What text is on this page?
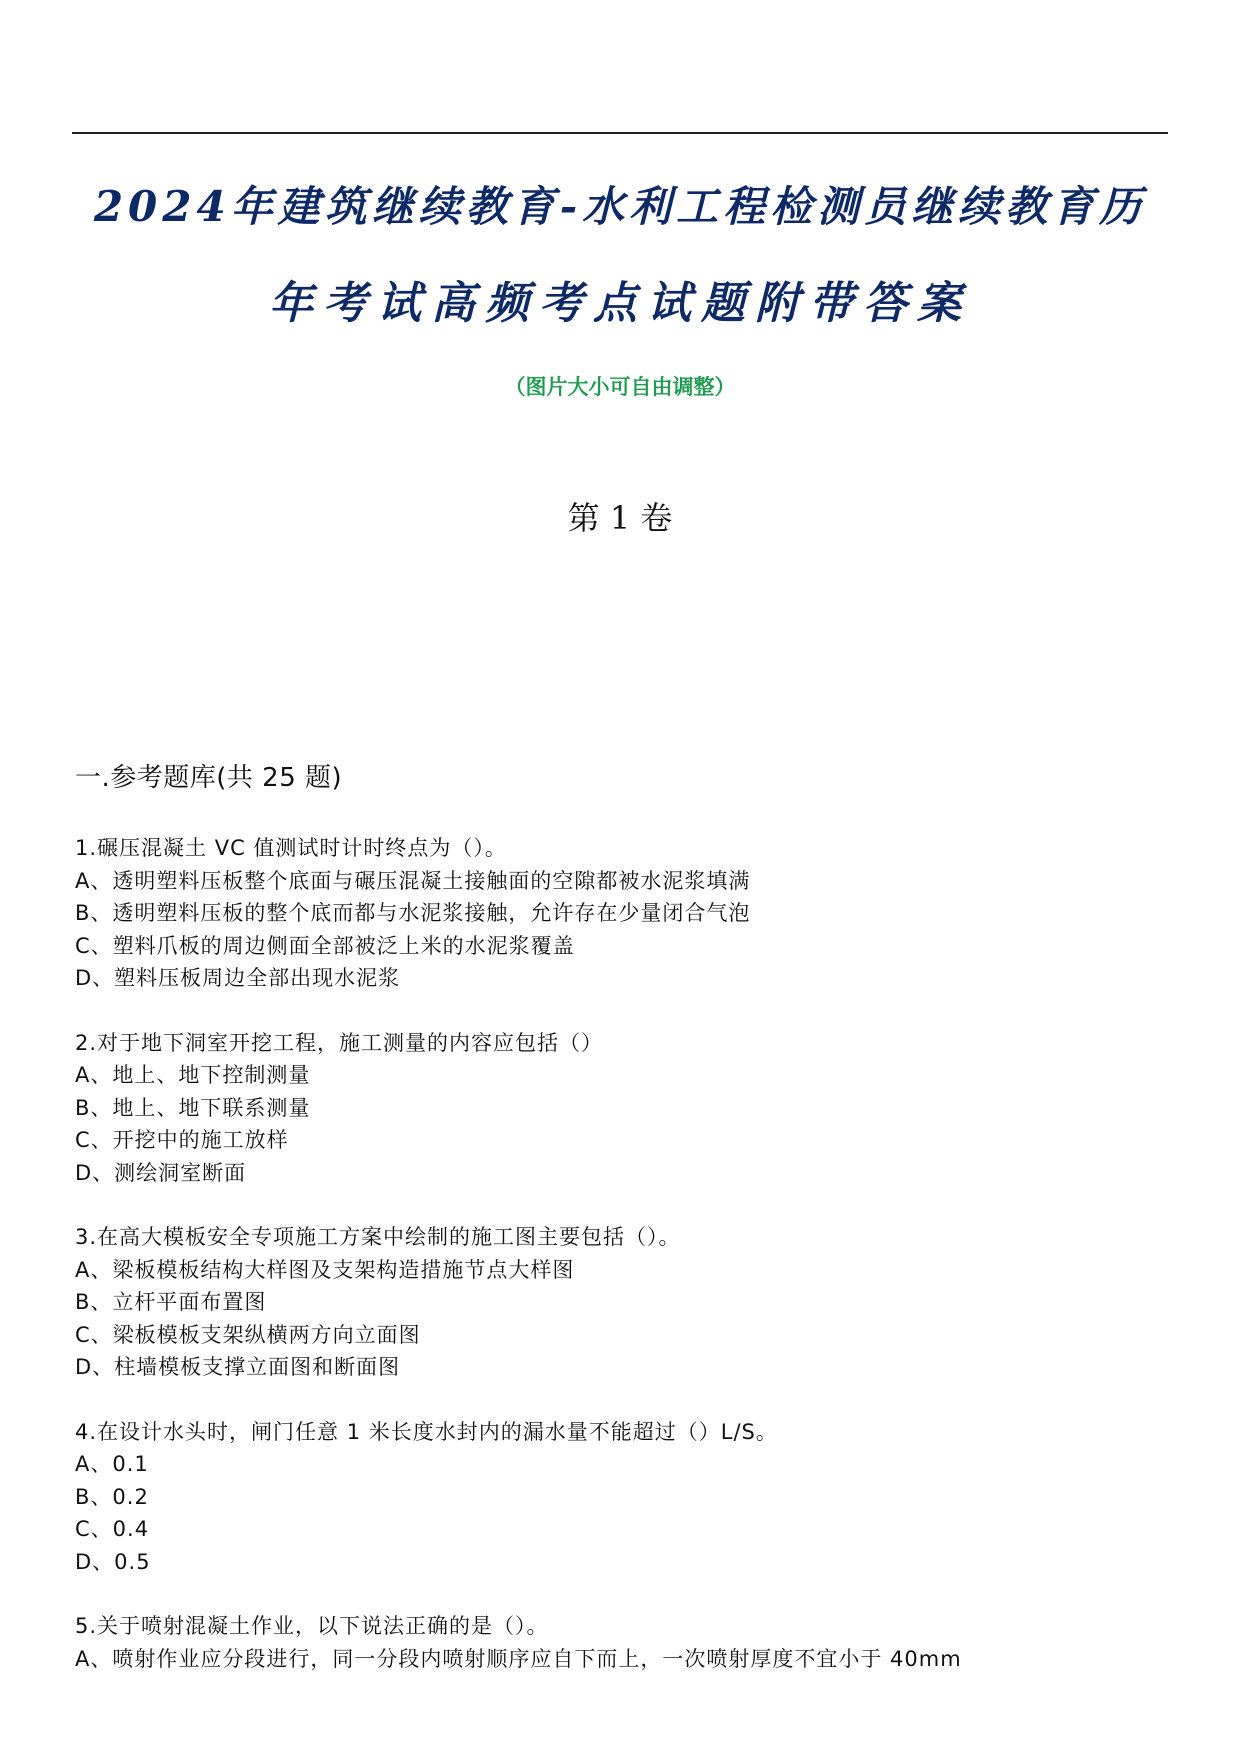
2024年建筑继续教育-水利工程检测员继续教育历
年考试高频考点试题附带答案
（图片大小可自由调整）
第 1 卷
一.参考题库(共 25 题)
1.碾压混凝土 VC 值测试时计时终点为（）。
A、透明塑料压板整个底面与碾压混凝土接触面的空隙都被水泥浆填满
B、透明塑料压板的整个底而都与水泥浆接触，允许存在少量闭合气泡
C、塑料爪板的周边侧面全部被泛上米的水泥浆覆盖
D、塑料压板周边全部出现水泥浆
2.对于地下洞室开挖工程，施工测量的内容应包括（）
A、地上、地下控制测量
B、地上、地下联系测量
C、开挖中的施工放样
D、测绘洞室断面
3.在高大模板安全专项施工方案中绘制的施工图主要包括（）。
A、梁板模板结构大样图及支架构造措施节点大样图
B、立杆平面布置图
C、梁板模板支架纵横两方向立面图
D、柱墙模板支撑立面图和断面图
4.在设计水头时，闸门任意 1 米长度水封内的漏水量不能超过（）L/S。
A、0.1
B、0.2
C、0.4
D、0.5
5.关于喷射混凝土作业，以下说法正确的是（）。
A、喷射作业应分段进行，同一分段内喷射顺序应自下而上，一次喷射厚度不宜小于 40mm
